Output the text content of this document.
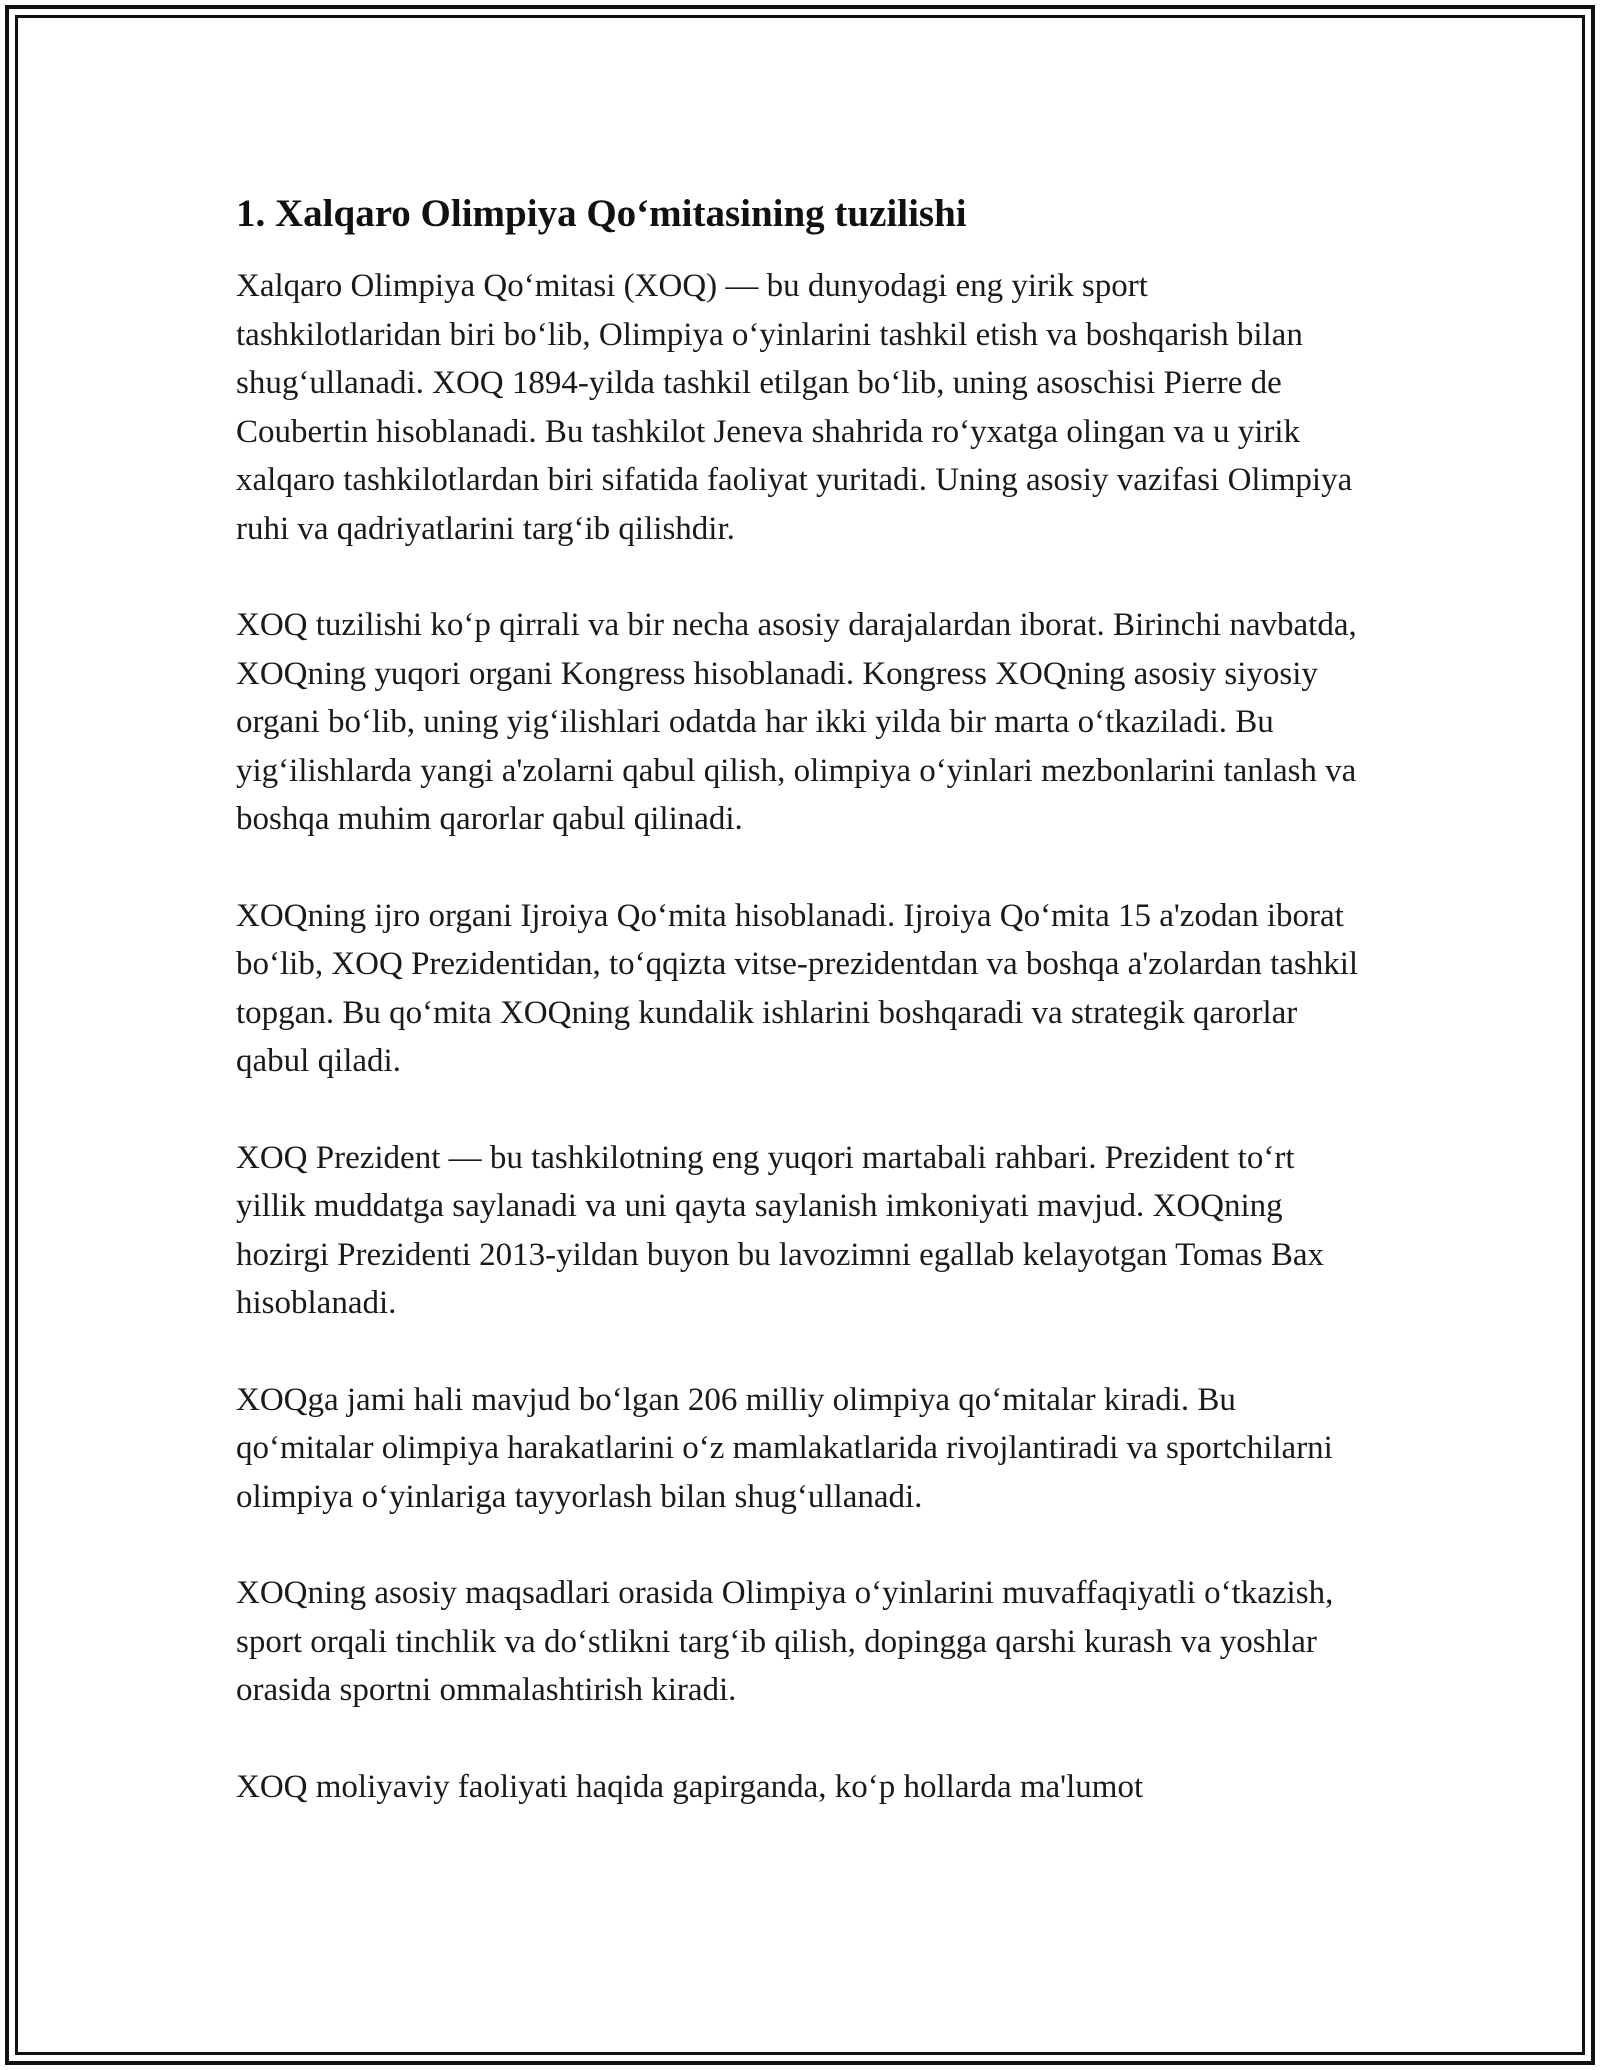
1. Xalqaro Olimpiya Qo‘mitasining tuzilishi

Xalqaro Olimpiya Qo‘mitasi (XOQ) — bu dunyodagi eng yirik sport tashkilotlaridan biri bo‘lib, Olimpiya o‘yinlarini tashkil etish va boshqarish bilan shug‘ullanadi. XOQ 1894-yilda tashkil etilgan bo‘lib, uning asoschisi Pierre de Coubertin hisoblanadi. Bu tashkilot Jeneva shahrida ro‘yxatga olingan va u yirik xalqaro tashkilotlardan biri sifatida faoliyat yuritadi. Uning asosiy vazifasi Olimpiya ruhi va qadriyatlarini targ‘ib qilishdir.

XOQ tuzilishi ko‘p qirrali va bir necha asosiy darajalardan iborat. Birinchi navbatda, XOQning yuqori organi Kongress hisoblanadi. Kongress XOQning asosiy siyosiy organi bo‘lib, uning yig‘ilishlari odatda har ikki yilda bir marta o‘tkaziladi. Bu yig‘ilishlarda yangi a'zolarni qabul qilish, olimpiya o‘yinlari mezbonlarini tanlash va boshqa muhim qarorlar qabul qilinadi.

XOQning ijro organi Ijroiya Qo‘mita hisoblanadi. Ijroiya Qo‘mita 15 a'zodan iborat bo‘lib, XOQ Prezidentidan, to‘qqizta vitse-prezidentdan va boshqa a'zolardan tashkil topgan. Bu qo‘mita XOQning kundalik ishlarini boshqaradi va strategik qarorlar qabul qiladi.

XOQ Prezident — bu tashkilotning eng yuqori martabali rahbari. Prezident to‘rt yillik muddatga saylanadi va uni qayta saylanish imkoniyati mavjud. XOQning hozirgi Prezidenti 2013-yildan buyon bu lavozimni egallab kelayotgan Tomas Bax hisoblanadi.

XOQga jami hali mavjud bo‘lgan 206 milliy olimpiya qo‘mitalar kiradi. Bu qo‘mitalar olimpiya harakatlarini o‘z mamlakatlarida rivojlantiradi va sportchilarni olimpiya o‘yinlariga tayyorlash bilan shug‘ullanadi.

XOQning asosiy maqsadlari orasida Olimpiya o‘yinlarini muvaffaqiyatli o‘tkazish, sport orqali tinchlik va do‘stlikni targ‘ib qilish, dopingga qarshi kurash va yoshlar orasida sportni ommalashtirish kiradi.

XOQ moliyaviy faoliyati haqida gapirganda, ko‘p hollarda ma'lumot
